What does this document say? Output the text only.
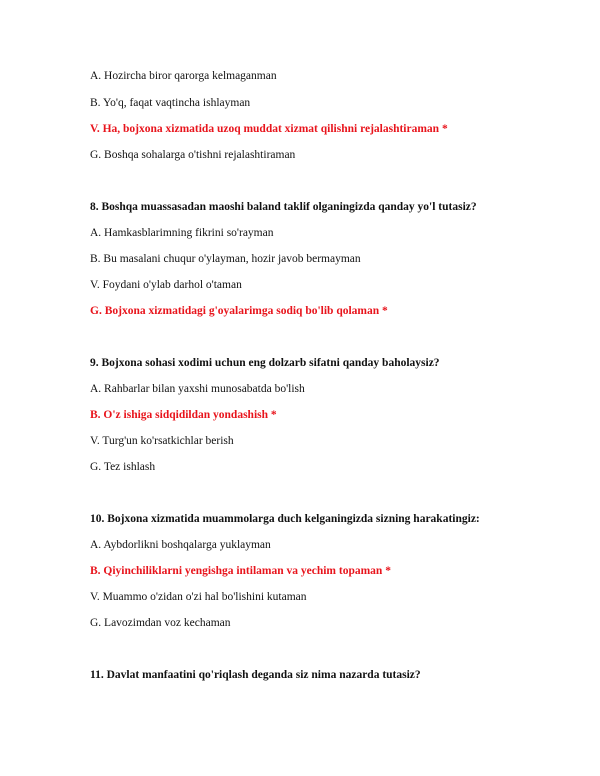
A. Hozircha biror qarorga kelmaganman
B. Yo'q, faqat vaqtincha ishlayman
V. Ha, bojxona xizmatida uzoq muddat xizmat qilishni rejalashtiraman *
G. Boshqa sohalarga o'tishni rejalashtiraman
8. Boshqa muassasadan maoshi baland taklif olganingizda qanday yo'l tutasiz?
A. Hamkasblarimning fikrini so'rayman
B. Bu masalani chuqur o'ylayman, hozir javob bermayman
V. Foydani o'ylab darhol o'taman
G. Bojxona xizmatidagi g'oyalarimga sodiq bo'lib qolaman *
9. Bojxona sohasi xodimi uchun eng dolzarb sifatni qanday baholaysiz?
A. Rahbarlar bilan yaxshi munosabatda bo'lish
B. O'z ishiga sidqidildan yondashish *
V. Turg'un ko'rsatkichlar berish
G. Tez ishlash
10. Bojxona xizmatida muammolarga duch kelganingizda sizning harakatingiz:
A. Aybdorlikni boshqalarga yuklayman
B. Qiyinchiliklarni yengishga intilaman va yechim topaman *
V. Muammo o'zidan o'zi hal bo'lishini kutaman
G. Lavozimdan voz kechaman
11. Davlat manfaatini qo'riqlash deganda siz nima nazarda tutasiz?
